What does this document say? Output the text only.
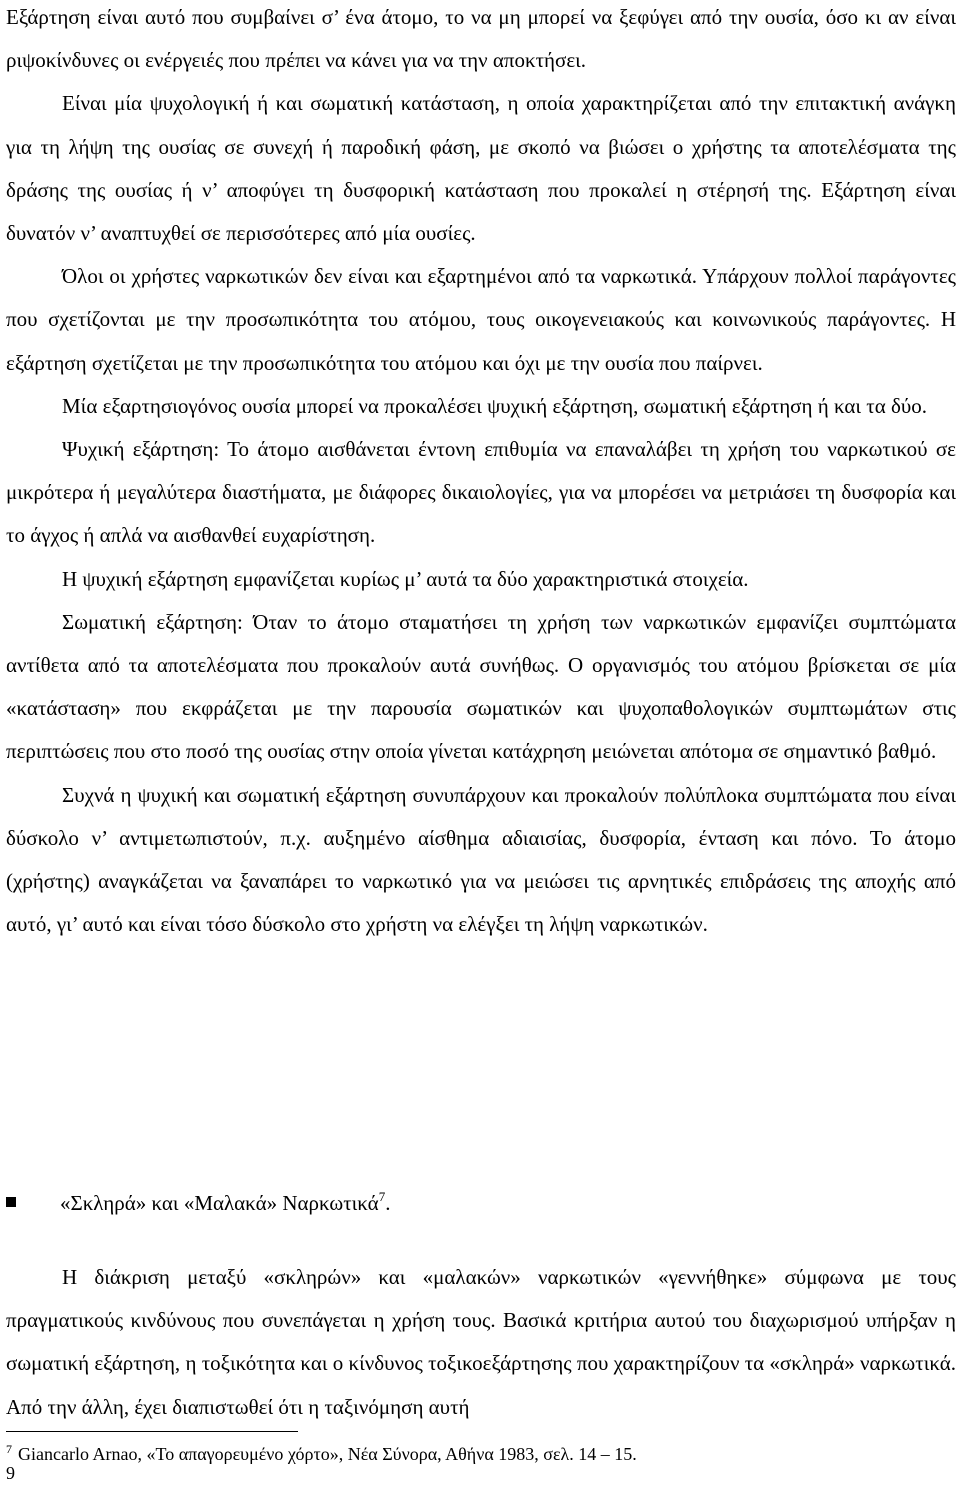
Εξάρτηση είναι αυτό που συμβαίνει σ’ ένα άτομο, το να μη μπορεί να ξεφύγει από την ουσία, όσο κι αν είναι ριψοκίνδυνες οι ενέργειές που πρέπει να κάνει για να την αποκτήσει.

Είναι μία ψυχολογική ή και σωματική κατάσταση, η οποία χαρακτηρίζεται από την επιτακτική ανάγκη για τη λήψη της ουσίας σε συνεχή ή παροδική φάση, με σκοπό να βιώσει ο χρήστης τα αποτελέσματα της δράσης της ουσίας ή ν’ αποφύγει τη δυσφορική κατάσταση που προκαλεί η στέρησή της. Εξάρτηση είναι δυνατόν ν’ αναπτυχθεί σε περισσότερες από μία ουσίες.

Όλοι οι χρήστες ναρκωτικών δεν είναι και εξαρτημένοι από τα ναρκωτικά. Υπάρχουν πολλοί παράγοντες που σχετίζονται με την προσωπικότητα του ατόμου, τους οικογενειακούς και κοινωνικούς παράγοντες. Η εξάρτηση σχετίζεται με την προσωπικότητα του ατόμου και όχι με την ουσία που παίρνει.

Μία εξαρτησιογόνος ουσία μπορεί να προκαλέσει ψυχική εξάρτηση, σωματική εξάρτηση ή και τα δύο.

Ψυχική εξάρτηση: Το άτομο αισθάνεται έντονη επιθυμία να επαναλάβει τη χρήση του ναρκωτικού σε μικρότερα ή μεγαλύτερα διαστήματα, με διάφορες δικαιολογίες, για να μπορέσει να μετριάσει τη δυσφορία και το άγχος ή απλά να αισθανθεί ευχαρίστηση.

Η ψυχική εξάρτηση εμφανίζεται κυρίως μ’ αυτά τα δύο χαρακτηριστικά στοιχεία.

Σωματική εξάρτηση: Όταν το άτομο σταματήσει τη χρήση των ναρκωτικών εμφανίζει συμπτώματα αντίθετα από τα αποτελέσματα που προκαλούν αυτά συνήθως. Ο οργανισμός του ατόμου βρίσκεται σε μία «κατάσταση» που εκφράζεται με την παρουσία σωματικών και ψυχοπαθολογικών συμπτωμάτων στις περιπτώσεις που στο ποσό της ουσίας στην οποία γίνεται κατάχρηση μειώνεται απότομα σε σημαντικό βαθμό.

Συχνά η ψυχική και σωματική εξάρτηση συνυπάρχουν και προκαλούν πολύπλοκα συμπτώματα που είναι δύσκολο ν’ αντιμετωπιστούν, π.χ. αυξημένο αίσθημα αδιαισίας, δυσφορία, ένταση και πόνο. Το άτομο (χρήστης) αναγκάζεται να ξαναπάρει το ναρκωτικό για να μειώσει τις αρνητικές επιδράσεις της αποχής από αυτό, γι’ αυτό και είναι τόσο δύσκολο στο χρήστη να ελέγξει τη λήψη ναρκωτικών.

«Σκληρά» και «Μαλακά» Ναρκωτικά$^7$.

Η διάκριση μεταξύ «σκληρών» και «μαλακών» ναρκωτικών «γεννήθηκε» σύμφωνα με τους πραγματικούς κινδύνους που συνεπάγεται η χρήση τους. Βασικά κριτήρια αυτού του διαχωρισμού υπήρξαν η σωματική εξάρτηση, η τοξικότητα και ο κίνδυνος τοξικοεξάρτησης που χαρακτηρίζουν τα «σκληρά» ναρκωτικά. Από την άλλη, έχει διαπιστωθεί ότι η ταξινόμηση αυτή

$^7$ Giancarlo Arnao, «Το απαγορευμένο χόρτο», Νέα Σύνορα, Αθήνα 1983, σελ. 14 – 15.
9
